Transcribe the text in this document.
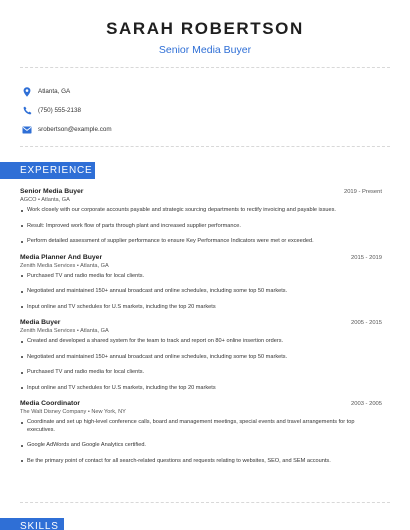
SARAH ROBERTSON
Senior Media Buyer
Atlanta, GA
(750) 555-2138
srobertson@example.com
EXPERIENCE
Senior Media Buyer	2019 - Present
AGCO • Atlanta, GA
Work closely with our corporate accounts payable and strategic sourcing departments to rectify invoicing and payable issues.
Result: Improved work flow of parts through plant and increased supplier performance.
Perform detailed assessment of supplier performance to ensure Key Performance Indicators were met or exceeded.
Media Planner And Buyer	2015 - 2019
Zenith Media Services • Atlanta, GA
Purchased TV and radio media for local clients.
Negotiated and maintained 150+ annual broadcast and online schedules, including some top 50 markets.
Input online and TV schedules for U.S markets, including the top 20 markets
Media Buyer	2005 - 2015
Zenith Media Services • Atlanta, GA
Created and developed a shared system for the team to track and report on 80+ online insertion orders.
Negotiated and maintained 150+ annual broadcast and online schedules, including some top 50 markets.
Purchased TV and radio media for local clients.
Input online and TV schedules for U.S markets, including the top 20 markets
Media Coordinator	2003 - 2005
The Walt Disney Company • New York, NY
Coordinate and set up high-level conference calls, board and management meetings, special events and travel arrangements for top executives.
Google AdWords and Google Analytics certified.
Be the primary point of contact for all search-related questions and requests relating to websites, SEO, and SEM accounts.
SKILLS
